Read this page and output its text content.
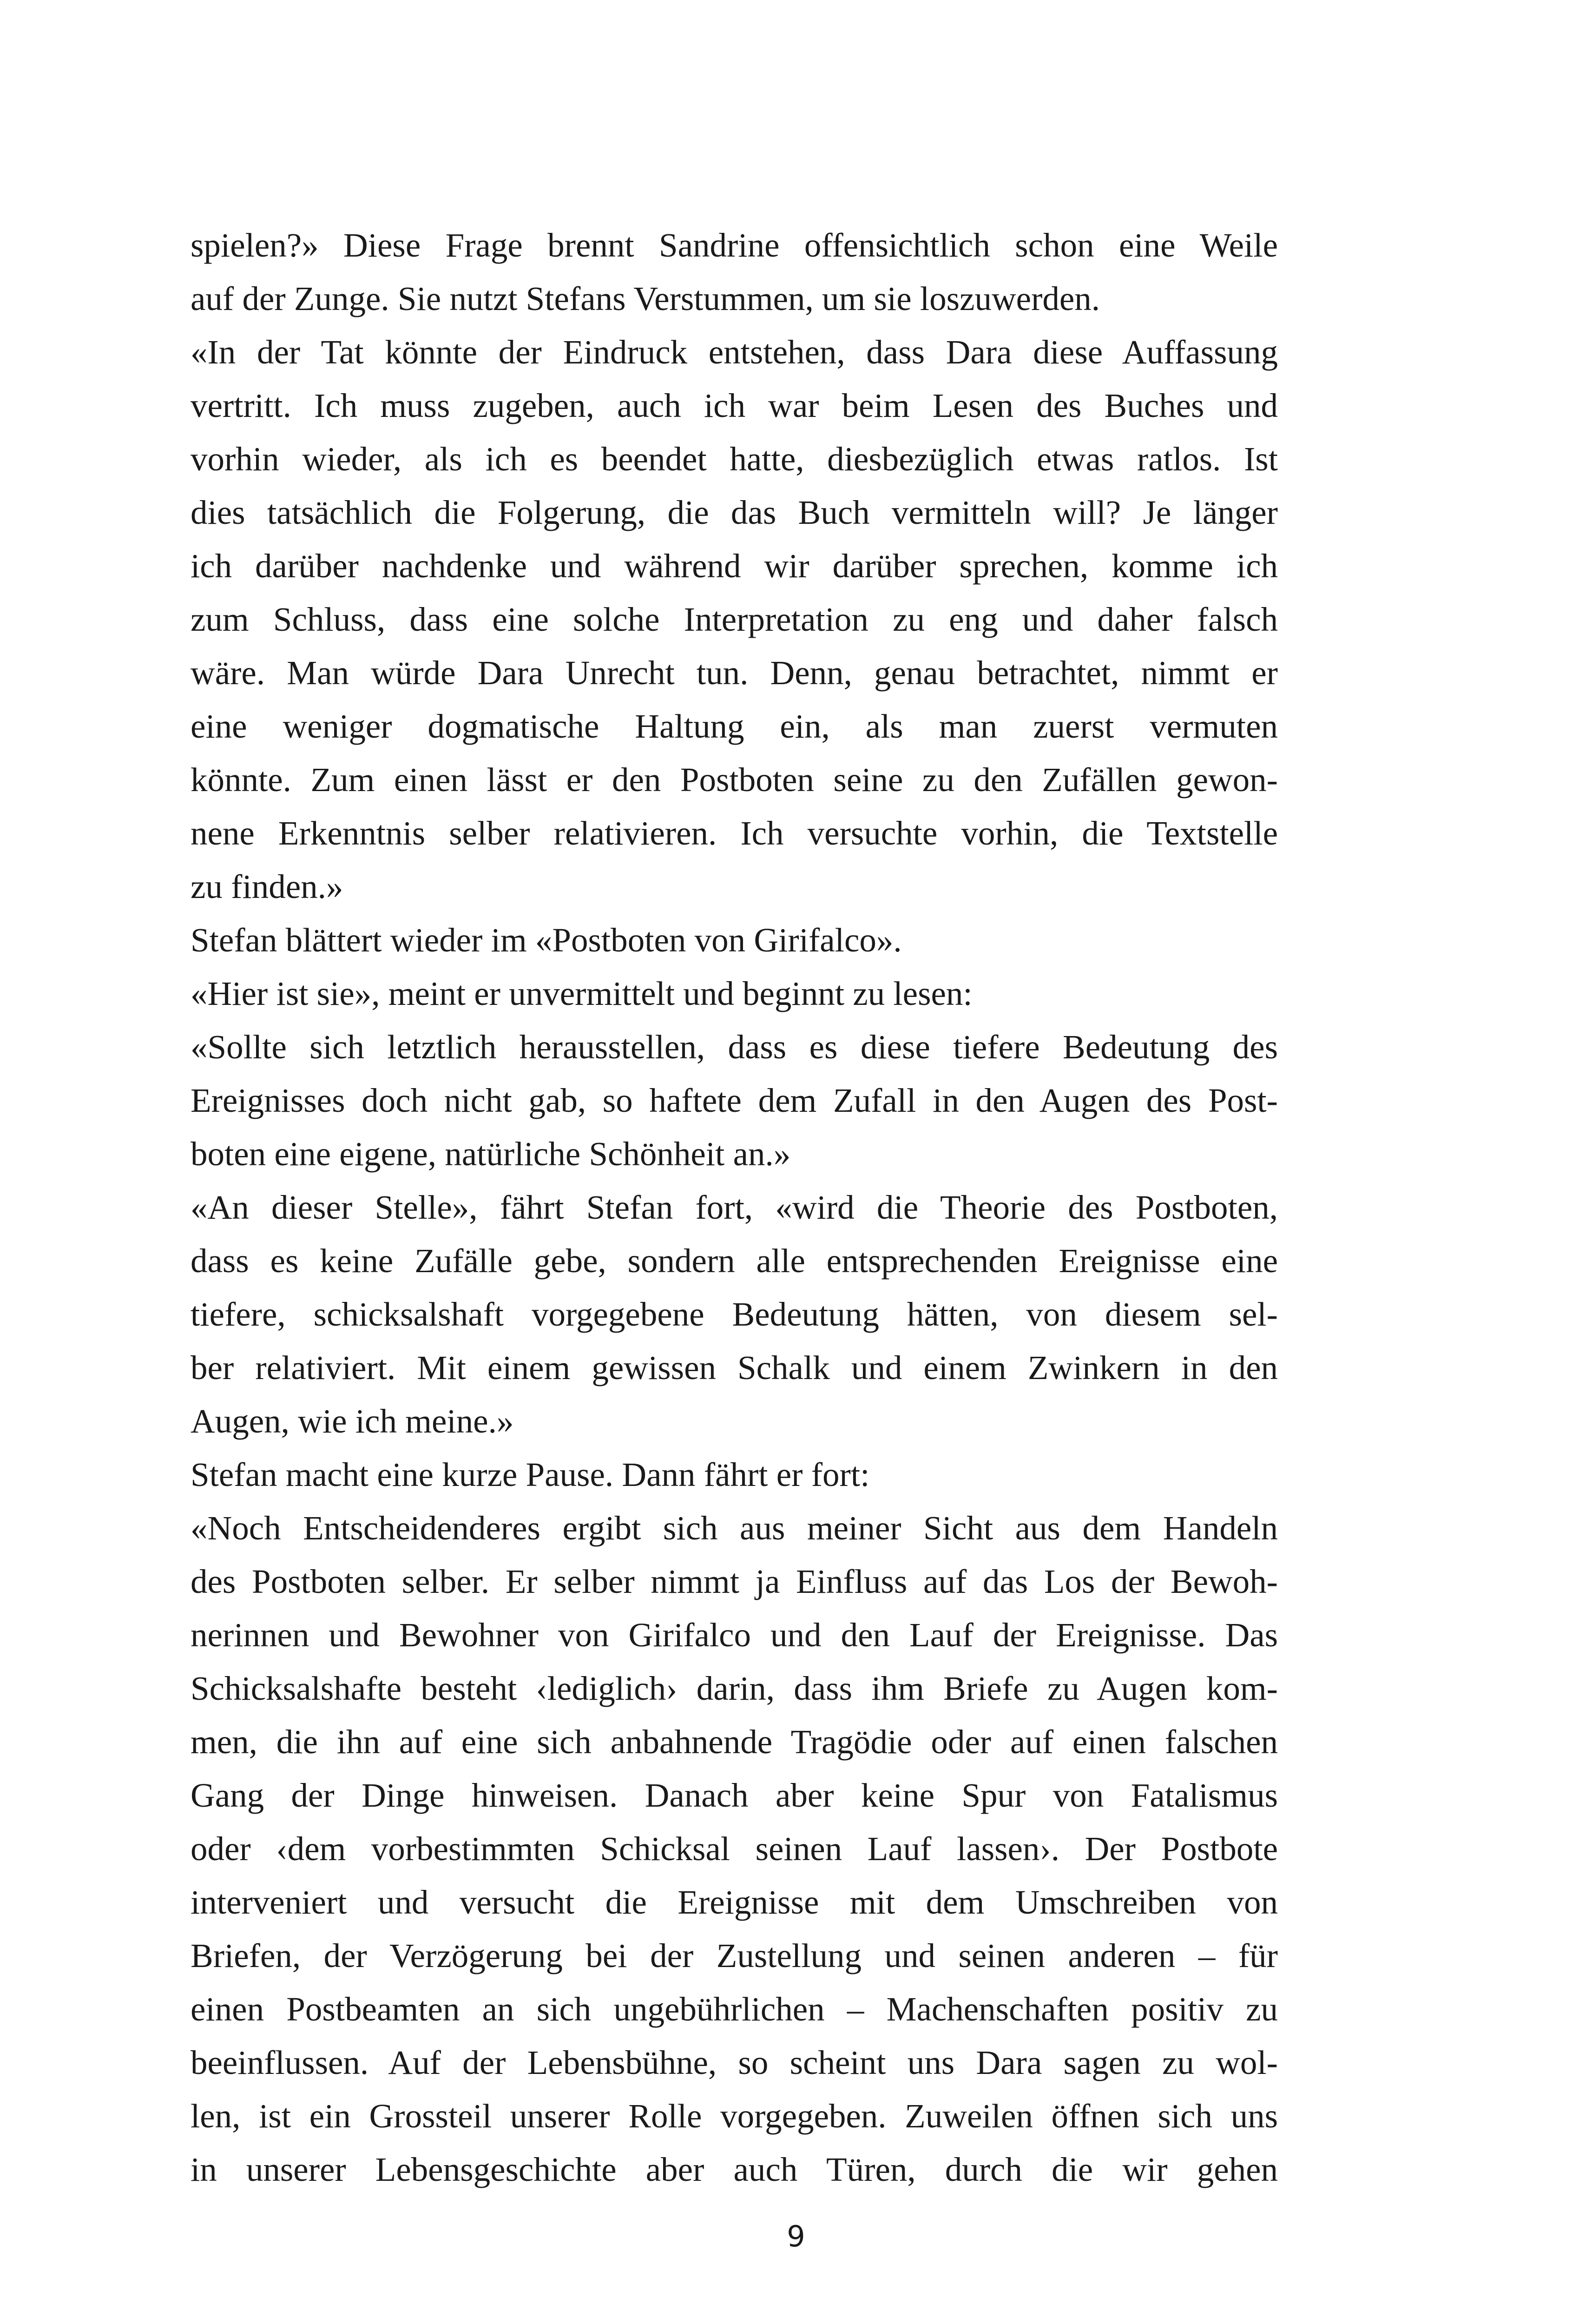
spielen?» Diese Frage brennt Sandrine offensichtlich schon eine Weile
auf der Zunge. Sie nutzt Stefans Verstummen, um sie loszuwerden.
«In der Tat könnte der Eindruck entstehen, dass Dara diese Auffassung
vertritt. Ich muss zugeben, auch ich war beim Lesen des Buches und
vorhin wieder, als ich es beendet hatte, diesbezüglich etwas ratlos. Ist
dies tatsächlich die Folgerung, die das Buch vermitteln will? Je länger
ich darüber nachdenke und während wir darüber sprechen, komme ich
zum Schluss, dass eine solche Interpretation zu eng und daher falsch
wäre. Man würde Dara Unrecht tun. Denn, genau betrachtet, nimmt er
eine weniger dogmatische Haltung ein, als man zuerst vermuten
könnte. Zum einen lässt er den Postboten seine zu den Zufällen gewon-
nene Erkenntnis selber relativieren. Ich versuchte vorhin, die Textstelle
zu finden.»
Stefan blättert wieder im «Postboten von Girifalco».
«Hier ist sie», meint er unvermittelt und beginnt zu lesen:
«Sollte sich letztlich herausstellen, dass es diese tiefere Bedeutung des
Ereignisses doch nicht gab, so haftete dem Zufall in den Augen des Post-
boten eine eigene, natürliche Schönheit an.»
«An dieser Stelle», fährt Stefan fort, «wird die Theorie des Postboten,
dass es keine Zufälle gebe, sondern alle entsprechenden Ereignisse eine
tiefere, schicksalshaft vorgegebene Bedeutung hätten, von diesem sel-
ber relativiert. Mit einem gewissen Schalk und einem Zwinkern in den
Augen, wie ich meine.»
Stefan macht eine kurze Pause. Dann fährt er fort:
«Noch Entscheidenderes ergibt sich aus meiner Sicht aus dem Handeln
des Postboten selber. Er selber nimmt ja Einfluss auf das Los der Bewoh-
nerinnen und Bewohner von Girifalco und den Lauf der Ereignisse. Das
Schicksalshafte besteht ‹lediglich› darin, dass ihm Briefe zu Augen kom-
men, die ihn auf eine sich anbahnende Tragödie oder auf einen falschen
Gang der Dinge hinweisen. Danach aber keine Spur von Fatalismus
oder ‹dem vorbestimmten Schicksal seinen Lauf lassen›. Der Postbote
interveniert und versucht die Ereignisse mit dem Umschreiben von
Briefen, der Verzögerung bei der Zustellung und seinen anderen – für
einen Postbeamten an sich ungebührlichen – Machenschaften positiv zu
beeinflussen. Auf der Lebensbühne, so scheint uns Dara sagen zu wol-
len, ist ein Grossteil unserer Rolle vorgegeben. Zuweilen öffnen sich uns
in unserer Lebensgeschichte aber auch Türen, durch die wir gehen
9
